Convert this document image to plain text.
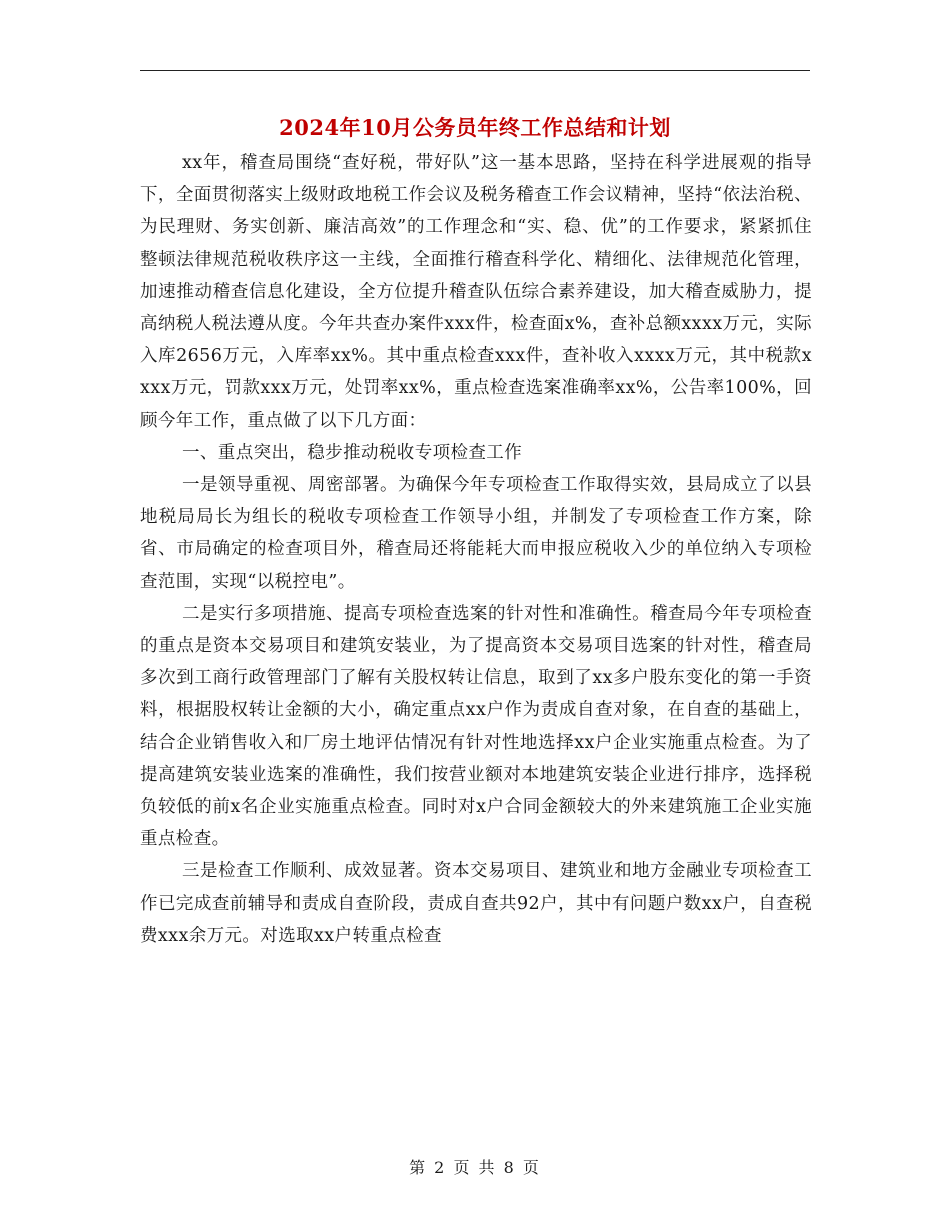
2024年10月公务员年终工作总结和计划

xx年，稽查局围绕“查好税，带好队”这一基本思路，坚持在科学进展观的指导下，全面贯彻落实上级财政地税工作会议及税务稽查工作会议精神，坚持“依法治税、为民理财、务实创新、廉洁高效”的工作理念和“实、稳、优”的工作要求，紧紧抓住整顿法律规范税收秩序这一主线，全面推行稽查科学化、精细化、法律规范化管理，加速推动稽查信息化建设，全方位提升稽查队伍综合素养建设，加大稽查威胁力，提高纳税人税法遵从度。今年共查办案件xxx件，检查面x%，查补总额xxxx万元，实际入库2656万元，入库率xx%。其中重点检查xxx件，查补收入xxxx万元，其中税款xxxx万元，罚款xxx万元，处罚率xx%，重点检查选案准确率xx%，公告率100%，回顾今年工作，重点做了以下几方面：

一、重点突出，稳步推动税收专项检查工作

一是领导重视、周密部署。为确保今年专项检查工作取得实效，县局成立了以县地税局局长为组长的税收专项检查工作领导小组，并制发了专项检查工作方案，除省、市局确定的检查项目外，稽查局还将能耗大而申报应税收入少的单位纳入专项检查范围，实现“以税控电”。

二是实行多项措施、提高专项检查选案的针对性和准确性。稽查局今年专项检查的重点是资本交易项目和建筑安装业，为了提高资本交易项目选案的针对性，稽查局多次到工商行政管理部门了解有关股权转让信息，取到了xx多户股东变化的第一手资料，根据股权转让金额的大小，确定重点xx户作为责成自查对象，在自查的基础上，结合企业销售收入和厂房土地评估情况有针对性地选择xx户企业实施重点检查。为了提高建筑安装业选案的准确性，我们按营业额对本地建筑安装企业进行排序，选择税负较低的前x名企业实施重点检查。同时对x户合同金额较大的外来建筑施工企业实施重点检查。

三是检查工作顺利、成效显著。资本交易项目、建筑业和地方金融业专项检查工作已完成查前辅导和责成自查阶段，责成自查共92户，其中有问题户数xx户，自查税费xxx余万元。对选取xx户转重点检查

第 2 页 共 8 页
